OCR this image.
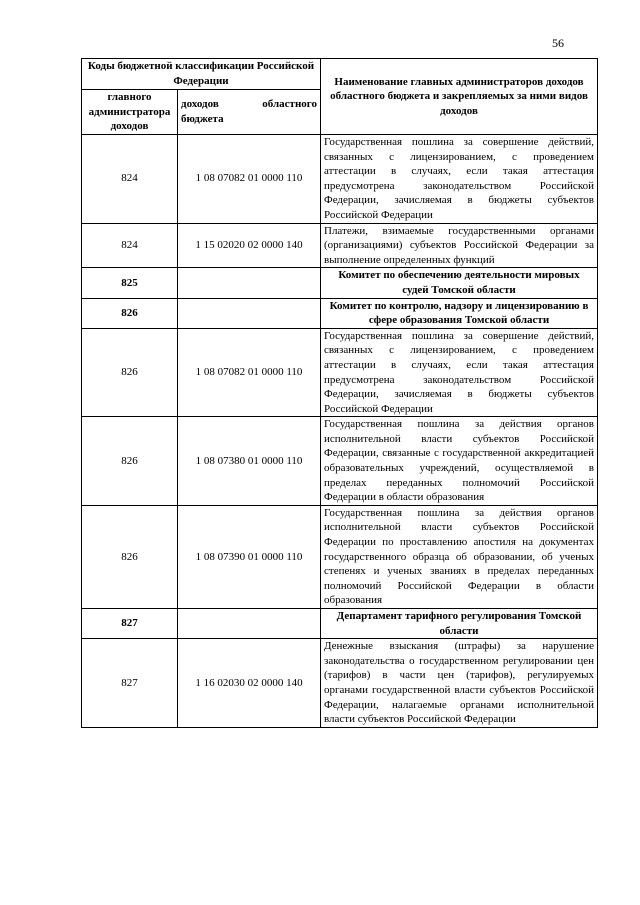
56
Коды бюджетной классификации Российской Федерации		Наименование главных администраторов доходов областного бюджета и закрепляемых за ними видов доходов
главного администратора доходов	доходов областного
бюджета	

824	1 08 07082 01 0000 110	Государственная пошлина за совершение действий, связанных с лицензированием, с проведением аттестации в случаях, если такая аттестация предусмотрена законодательством Российской Федерации, зачисляемая в бюджеты субъектов Российской Федерации
824	1 15 02020 02 0000 140	Платежи, взимаемые государственными органами (организациями) субъектов Российской Федерации за выполнение определенных функций
825		Комитет по обеспечению деятельности мировых судей Томской области
826		Комитет по контролю, надзору и лицензированию в сфере образования Томской области
826	1 08 07082 01 0000 110	Государственная пошлина за совершение действий, связанных с лицензированием, с проведением аттестации в случаях, если такая аттестация предусмотрена законодательством Российской Федерации, зачисляемая в бюджеты субъектов Российской Федерации
826	1 08 07380 01 0000 110	Государственная пошлина за действия органов исполнительной власти субъектов Российской Федерации, связанные с государственной аккредитацией образовательных учреждений, осуществляемой в пределах переданных полномочий Российской Федерации в области образования
826	1 08 07390 01 0000 110	Государственная пошлина за действия органов исполнительной власти субъектов Российской Федерации по проставлению апостиля на документах государственного образца об образовании, об ученых степенях и ученых званиях в пределах переданных полномочий Российской Федерации в области образования
827		Департамент тарифного регулирования Томской области
827	1 16 02030 02 0000 140	Денежные взыскания (штрафы) за нарушение законодательства о государственном регулировании цен (тарифов) в части цен (тарифов), регулируемых органами государственной власти субъектов Российской Федерации, налагаемые органами исполнительной власти субъектов Российской Федерации
